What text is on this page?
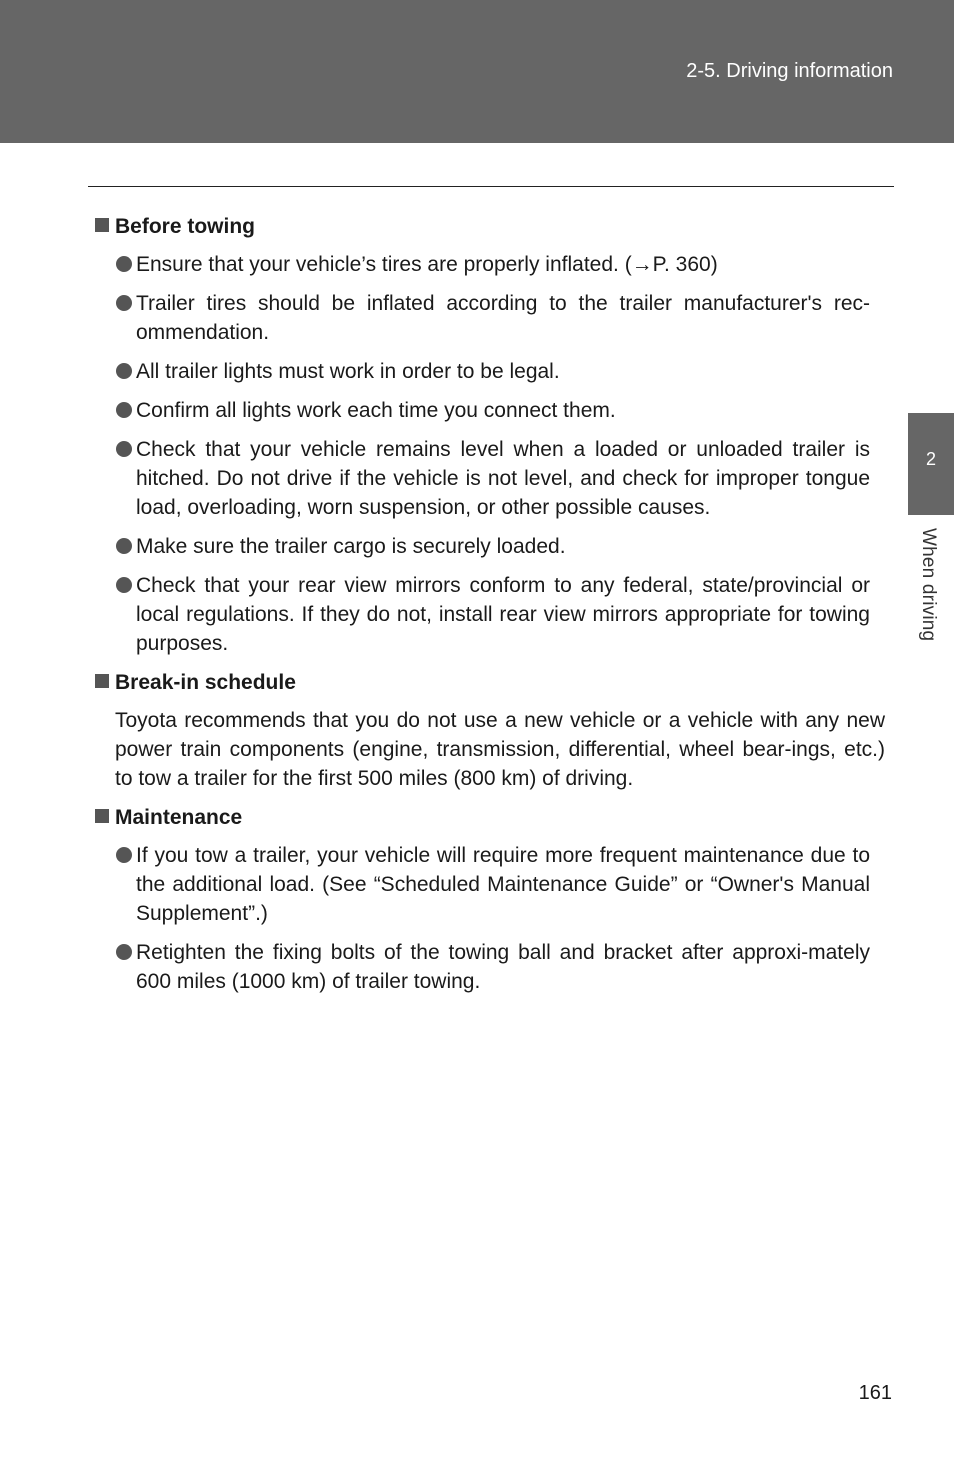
2-5. Driving information
2
When driving
Before towing
Ensure that your vehicle’s tires are properly inflated. (→P. 360)
Trailer tires should be inflated according to the trailer manufacturer's rec-ommendation.
All trailer lights must work in order to be legal.
Confirm all lights work each time you connect them.
Check that your vehicle remains level when a loaded or unloaded trailer is hitched. Do not drive if the vehicle is not level, and check for improper tongue load, overloading, worn suspension, or other possible causes.
Make sure the trailer cargo is securely loaded.
Check that your rear view mirrors conform to any federal, state/provincial or local regulations. If they do not, install rear view mirrors appropriate for towing purposes.
Break-in schedule

Toyota recommends that you do not use a new vehicle or a vehicle with any new power train components (engine, transmission, differential, wheel bear-ings, etc.) to tow a trailer for the first 500 miles (800 km) of driving.

Maintenance
If you tow a trailer, your vehicle will require more frequent maintenance due to the additional load. (See “Scheduled Maintenance Guide” or “Owner's Manual Supplement”.)
Retighten the fixing bolts of the towing ball and bracket after approxi-mately 600 miles (1000 km) of trailer towing.
161
